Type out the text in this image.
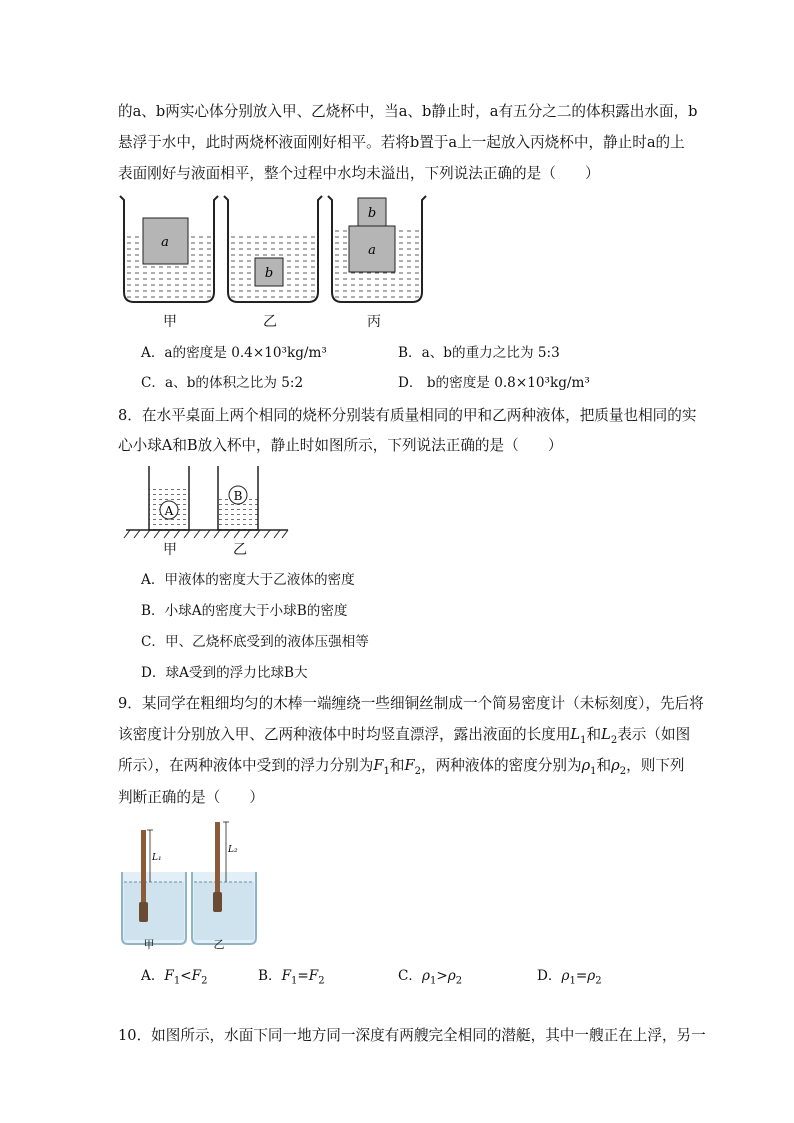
的a、b两实心体分别放入甲、乙烧杯中，当a、b静止时，a有五分之二的体积露出水面，b
悬浮于水中，此时两烧杯液面刚好相平。若将b置于a上一起放入丙烧杯中，静止时a的上
表面刚好与液面相平，整个过程中水均未溢出，下列说法正确的是（　　）
a
b
a
b
甲	乙	丙
A．a的密度是 0.4×10³kg/m³	B．a、b的重力之比为 5:3
C．a、b的体积之比为 5:2	D． b的密度是 0.8×10³kg/m³
8．在水平桌面上两个相同的烧杯分别装有质量相同的甲和乙两种液体，把质量也相同的实
心小球A和B放入杯中，静止时如图所示，下列说法正确的是（　　）
A
B
甲	乙
A．甲液体的密度大于乙液体的密度
B．小球A的密度大于小球B的密度
C．甲、乙烧杯底受到的液体压强相等
D．球A受到的浮力比球B大
9．某同学在粗细均匀的木棒一端缠绕一些细铜丝制成一个简易密度计（未标刻度），先后将
该密度计分别放入甲、乙两种液体中时均竖直漂浮，露出液面的长度用$L_1$和$L_2$表示（如图
所示），在两种液体中受到的浮力分别为$F_1$和$F_2$，两种液体的密度分别为$\rho_1$和$\rho_2$，则下列
判断正确的是（　　）
L₁
L₂
甲	乙
A．$F_1<F_2$	B．$F_1=F_2$	C．$\rho_1>\rho_2$	D．$\rho_1=\rho_2$
10．如图所示，水面下同一地方同一深度有两艘完全相同的潜艇，其中一艘正在上浮，另一
